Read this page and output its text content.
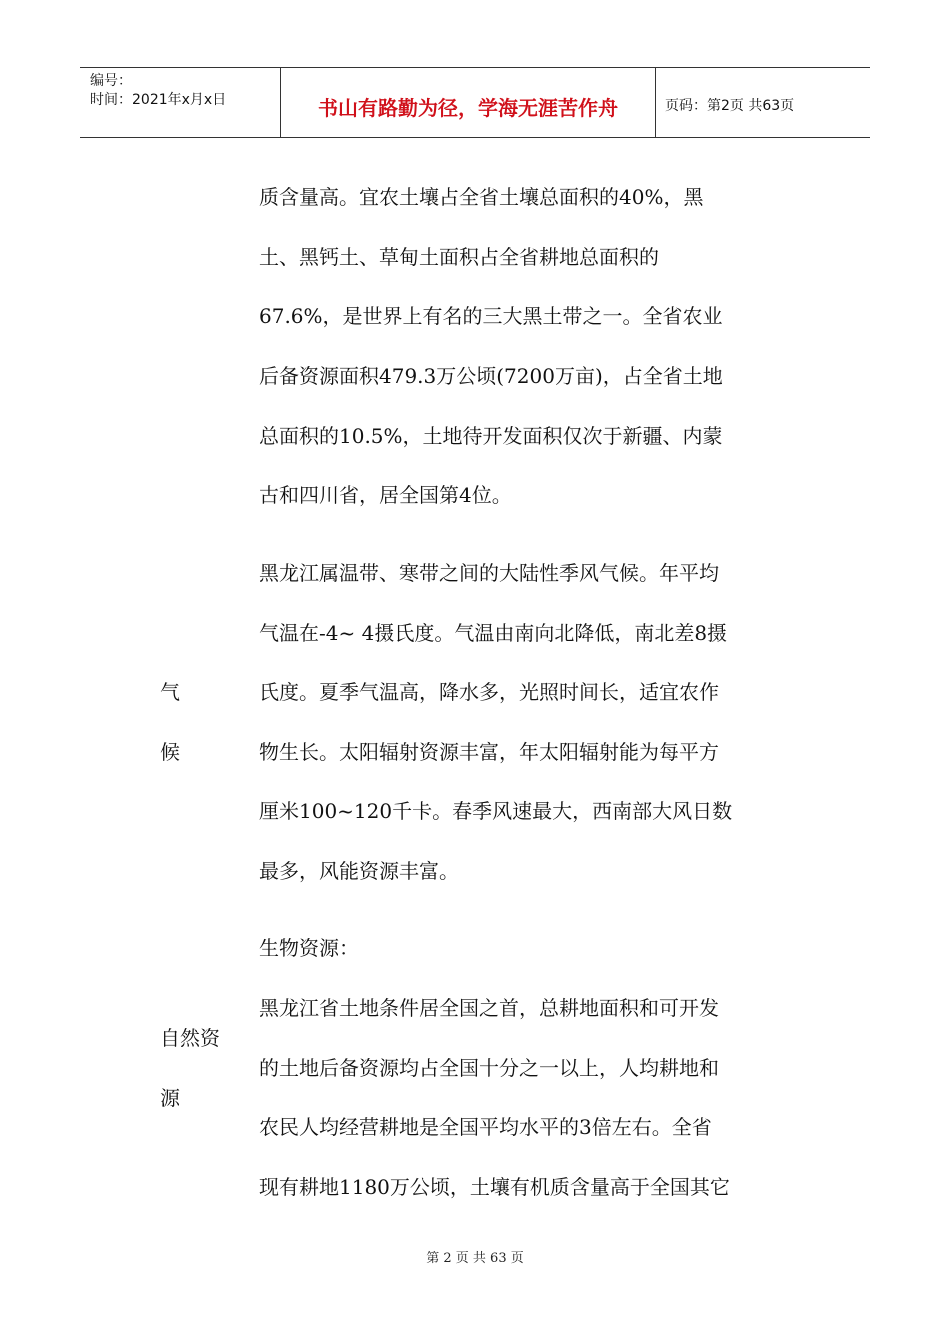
编号：
时间：2021年x月x日	书山有路勤为径，学海无涯苦作舟	页码：第2页 共63页
质含量高。宜农土壤占全省土壤总面积的40%，黑
土、黑钙土、草甸土面积占全省耕地总面积的
67.6%，是世界上有名的三大黑土带之一。全省农业
后备资源面积479.3万公顷(7200万亩)，占全省土地
总面积的10.5%，土地待开发面积仅次于新疆、内蒙
古和四川省，居全国第4位。
黑龙江属温带、寒带之间的大陆性季风气候。年平均
气温在-4~ 4摄氏度。气温由南向北降低，南北差8摄
氏度。夏季气温高，降水多，光照时间长，适宜农作
物生长。太阳辐射资源丰富，年太阳辐射能为每平方
厘米100~120千卡。春季风速最大，西南部大风日数
最多，风能资源丰富。
生物资源：
黑龙江省土地条件居全国之首，总耕地面积和可开发
的土地后备资源均占全国十分之一以上，人均耕地和
农民人均经营耕地是全国平均水平的3倍左右。全省
现有耕地1180万公顷，土壤有机质含量高于全国其它
气
候
自然资
源
第 2 页 共 63 页
